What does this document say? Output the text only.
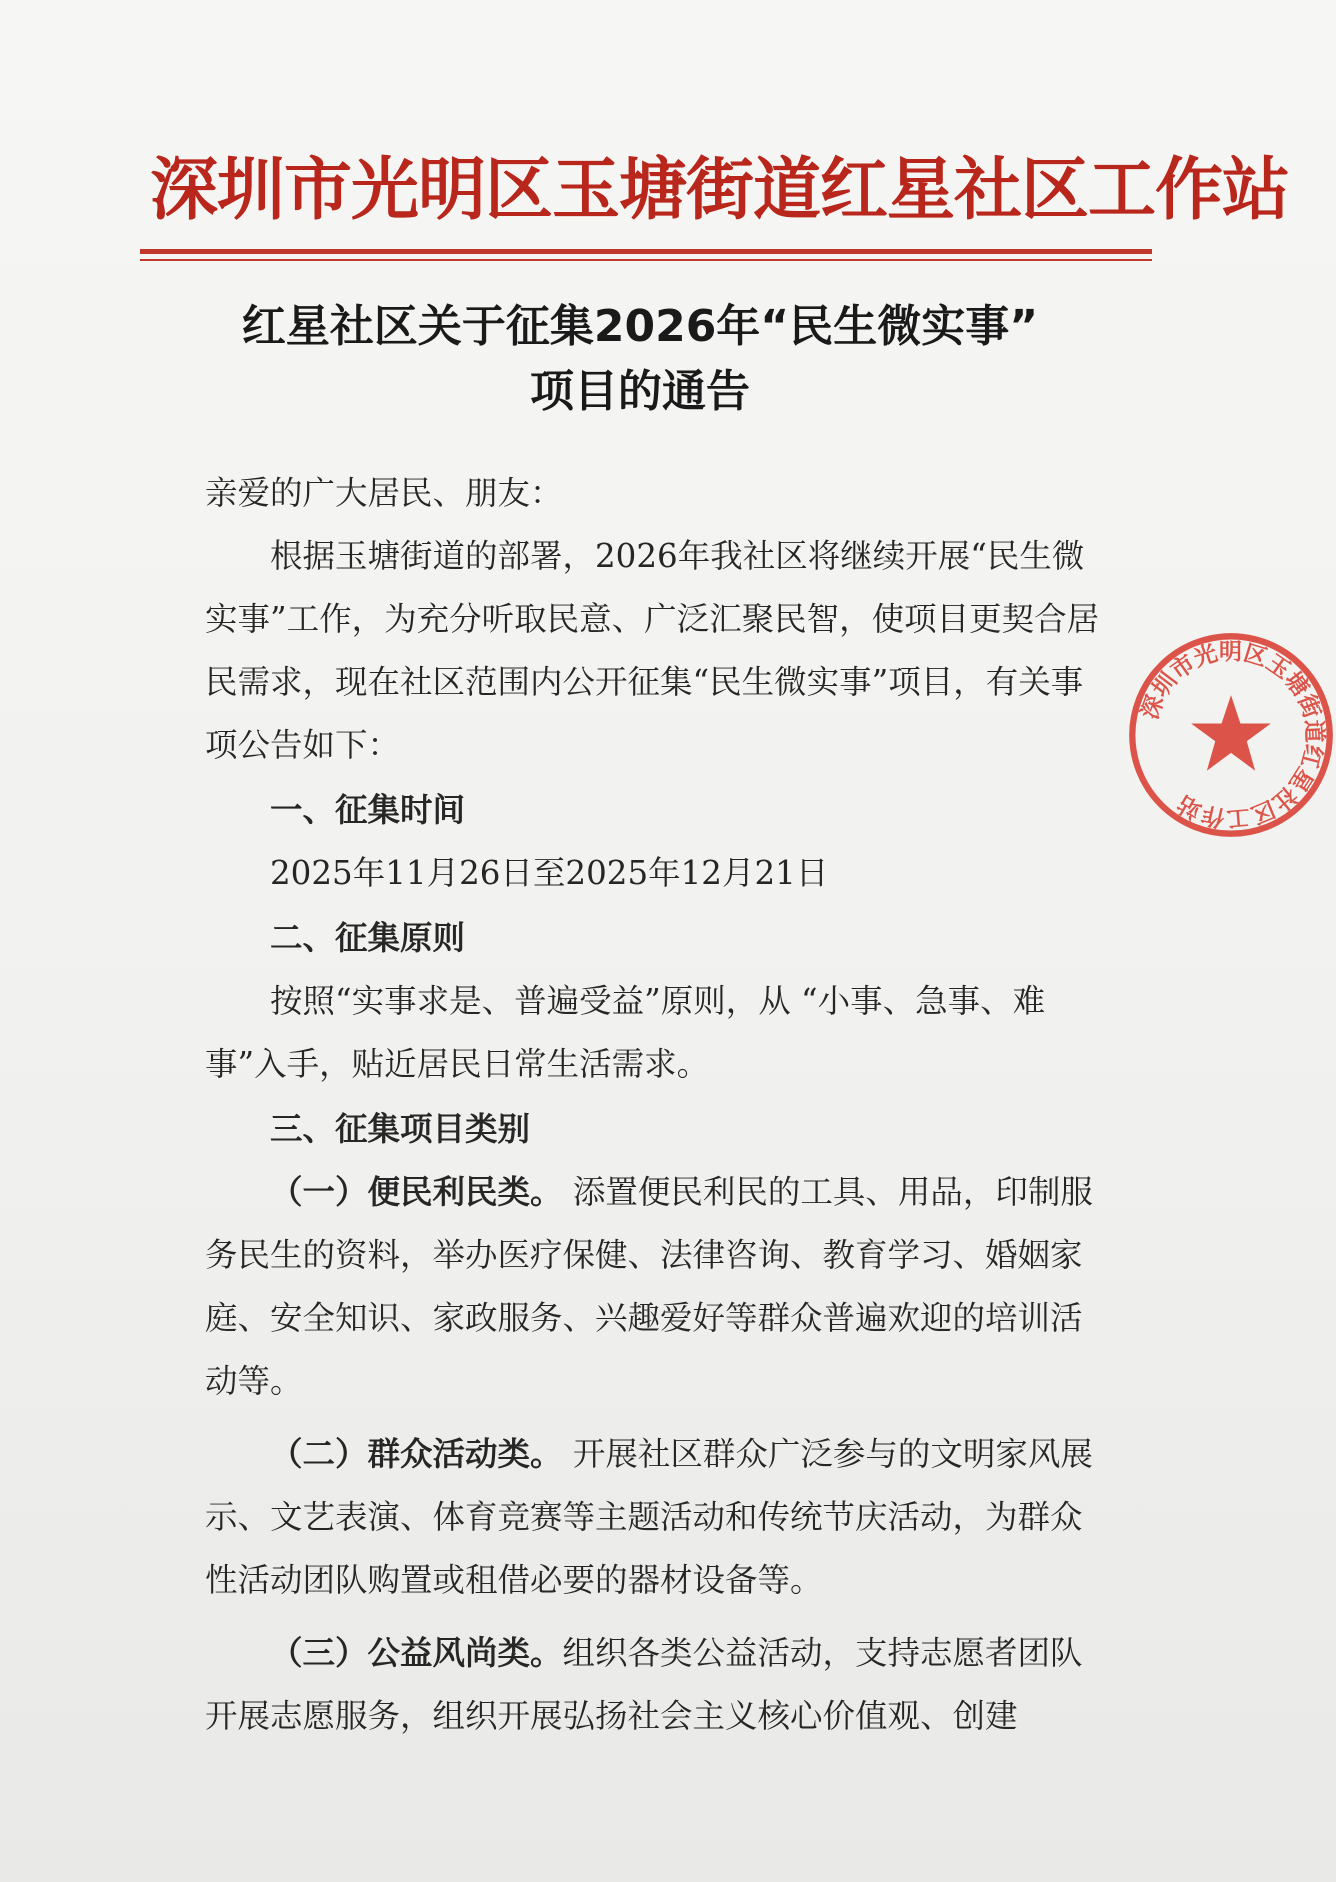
深圳市光明区玉塘街道红星社区工作站
红星社区关于征集2026年“民生微实事”
项目的通告

亲爱的广大居民、朋友：

根据玉塘街道的部署，2026年我社区将继续开展“民生微实事”工作，为充分听取民意、广泛汇聚民智，使项目更契合居民需求，现在社区范围内公开征集“民生微实事”项目，有关事项公告如下：

一、征集时间

2025年11月26日至2025年12月21日

二、征集原则

按照“实事求是、普遍受益”原则，从 “小事、急事、难事”入手，贴近居民日常生活需求。

三、征集项目类别

（一）便民利民类。 添置便民利民的工具、用品，印制服务民生的资料，举办医疗保健、法律咨询、教育学习、婚姻家庭、安全知识、家政服务、兴趣爱好等群众普遍欢迎的培训活动等。

（二）群众活动类。 开展社区群众广泛参与的文明家风展示、文艺表演、体育竞赛等主题活动和传统节庆活动，为群众性活动团队购置或租借必要的器材设备等。

（三）公益风尚类。组织各类公益活动，支持志愿者团队开展志愿服务，组织开展弘扬社会主义核心价值观、创建

深圳市光明区玉塘街道红星社区工作站
